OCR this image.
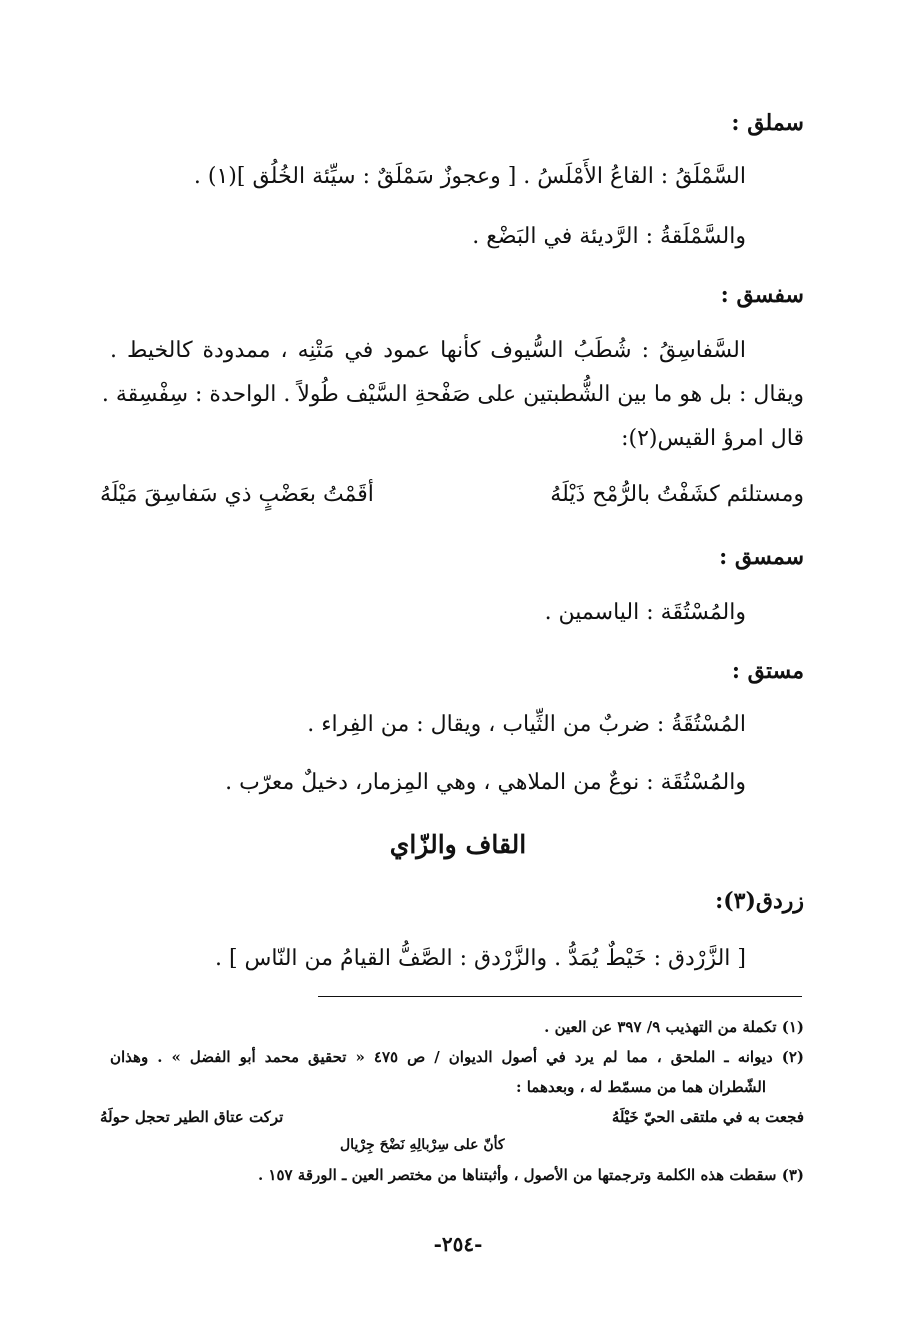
سملق :
السَّمْلَقُ : القاعُ الأَمْلَسُ . [ وعجوزٌ سَمْلَقٌ : سيِّئة الخُلُق ](١) .
والسَّمْلَقةُ : الرَّديئة في البَضْع .
سفسق :
السَّفاسِقُ : شُطَبُ السُّيوف كأنها عمود في مَتْنِه ، ممدودة كالخيط .
ويقال : بل هو ما بين الشُّطبتين على صَفْحةِ السَّيْف طُولاً . الواحدة : سِفْسِقة .
قال امرؤ القيس(٢):
ومستلئم كشَفْتُ بالرُّمْح ذَيْلَهُ
أقَمْتُ بعَضْبٍ ذي سَفاسِقَ مَيْلَهُ
سمسق :
والمُسْتُقَة : الياسمين .
مستق :
المُسْتُقَةُ : ضربٌ من الثِّياب ، ويقال : من الفِراء .
والمُسْتُقَة : نوعٌ من الملاهي ، وهي المِزمار، دخيلٌ معرّب .
القاف والزّاي
زردق(٣):
[ الزَّرْدق : خَيْطٌ يُمَدُّ . والزَّرْدق : الصَّفُّ القيامُ من النّاس ] .
(١) تكملة من التهذيب ٩/ ٣٩٧ عن العين .
(٢) ديوانه ـ الملحق ، مما لم يرد في أصول الديوان / ص ٤٧٥ « تحقيق محمد أبو الفضل » . وهذان
الشّطران هما من مسمّط له ، وبعدهما :
فجعت به في ملتقى الحيّ خَيْلَهُ
تركت عتاق الطير تحجل حولَهُ
كأنّ على سِرْبالِهِ نَضْحَ جِرْيال
(٣) سقطت هذه الكلمة وترجمتها من الأصول ، وأثبتناها من مختصر العين ـ الورقة ١٥٧ .
-٢٥٤-
